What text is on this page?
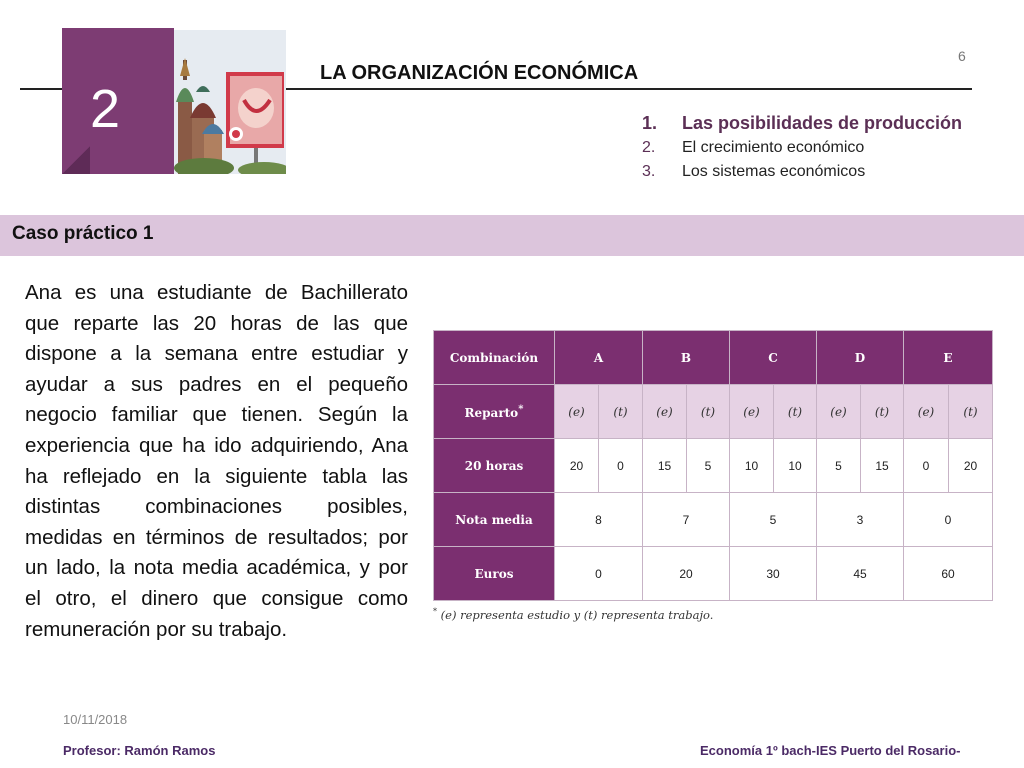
2
6
LA ORGANIZACIÓN ECONÓMICA
1.	Las posibilidades de producción
2.	El crecimiento económico
3.	Los sistemas económicos
Caso práctico 1

Ana es una estudiante de Bachillerato que reparte las 20 horas de las que dispone a la semana entre estudiar y ayudar a sus padres en el pequeño negocio familiar que tienen. Según la experiencia que ha ido adquiriendo, Ana ha reflejado en la siguiente tabla las distintas combinaciones posibles, medidas en términos de resultados; por un lado, la nota media académica, y por el otro, el dinero que consigue como remuneración por su trabajo.

Combinación	A		B		C		D		E	
Reparto*	(e)	(t)	(e)	(t)	(e)	(t)	(e)	(t)	(e)	(t)
20 horas	20	0	15	5	10	10	5	15	0	20
Nota media	8		7		5		3		0	
Euros	0		20		30		45		60	
* (e) representa estudio y (t) representa trabajo.
10/11/2018
Profesor: Ramón Ramos	Economía 1º bach-IES Puerto del Rosario-
